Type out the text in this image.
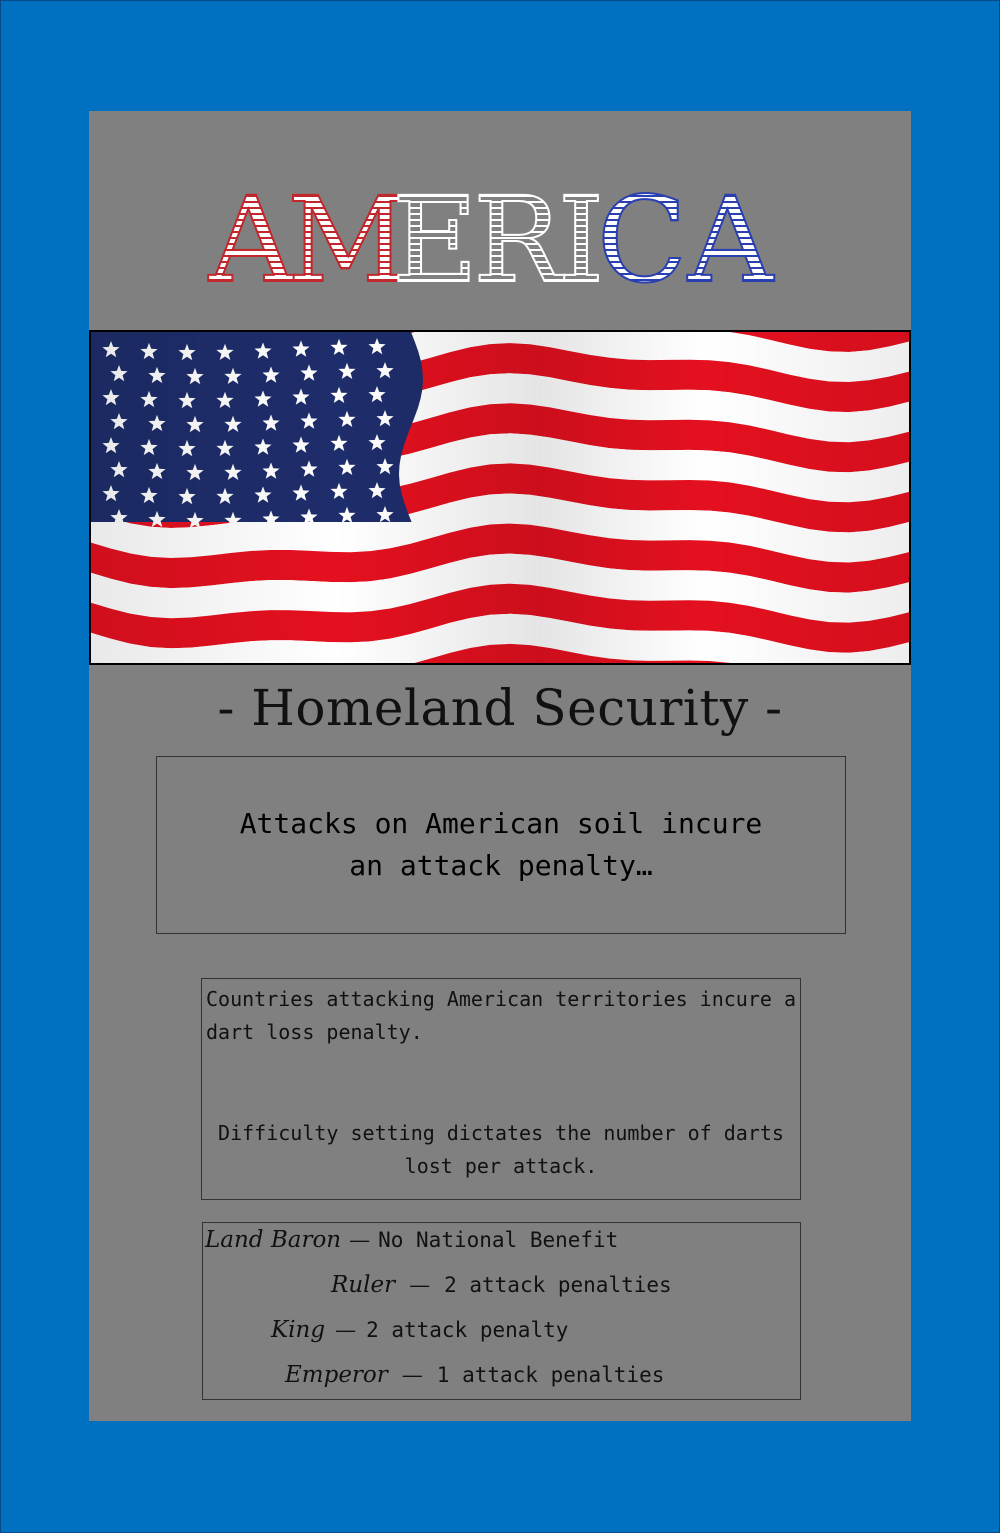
A
M
E
R
I
C A
- Homeland Security -
Attacks on American soil incure
an attack penalty…
Countries attacking American territories incure a dart loss penalty.
Difficulty setting dictates the number of darts lost per attack.
Land Baron — No National Benefit
Ruler — 2 attack penalties
King — 2 attack penalty
Emperor — 1 attack penalties
